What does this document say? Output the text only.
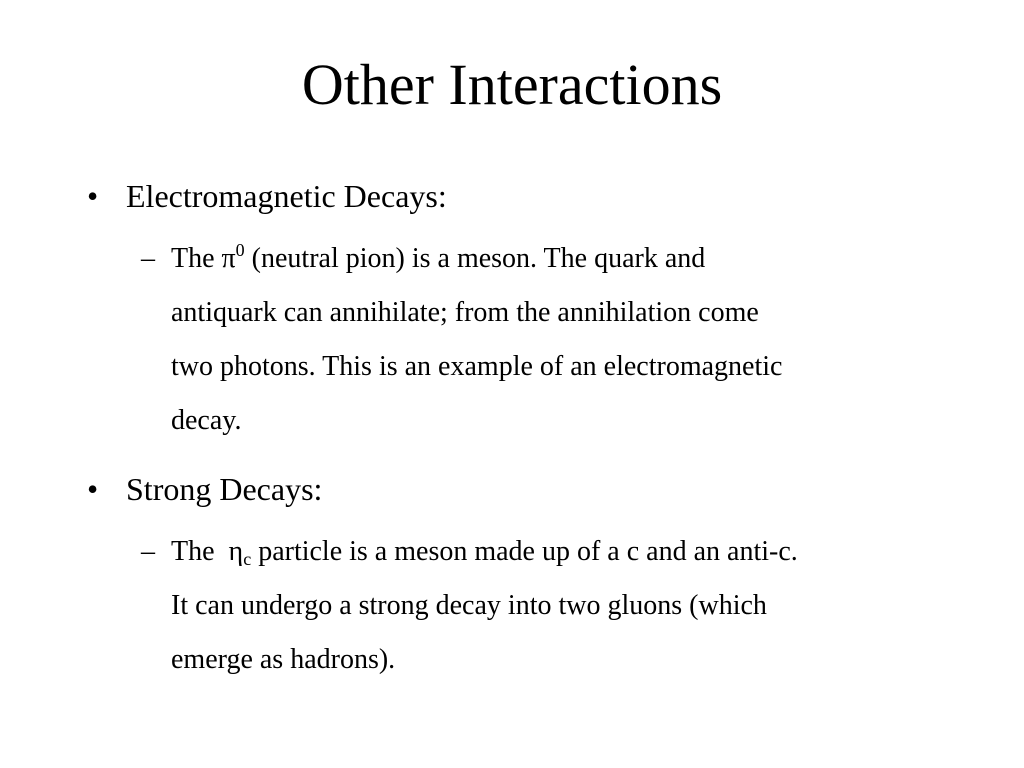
Other Interactions
• Electromagnetic Decays:
– The $\pi^0$ (neutral pion) is a meson. The quark and
antiquark can annihilate; from the annihilation come
two photons. This is an example of an electromagnetic
decay.
• Strong Decays:
– The  $\eta_c$ particle is a meson made up of a c and an anti-c.
It can undergo a strong decay into two gluons (which
emerge as hadrons).
